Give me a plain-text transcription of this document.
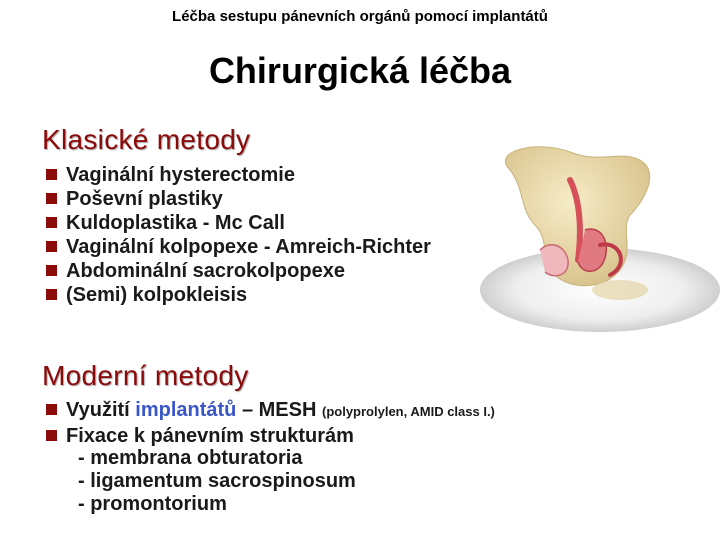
Léčba sestupu pánevních orgánů pomocí implantátů
Chirurgická léčba
Klasické metody
Vaginální hysterectomie
Poševní plastiky
Kuldoplastika - Mc Call
Vaginální kolpopexe - Amreich-Richter
Abdominální sacrokolpopexe
(Semi) kolpokleisis
Moderní metody
Využití implantátů – MESH (polyprolylen, AMID class I.)
Fixace k pánevním strukturám
- membrana obturatoria
- ligamentum sacrospinosum
- promontorium
